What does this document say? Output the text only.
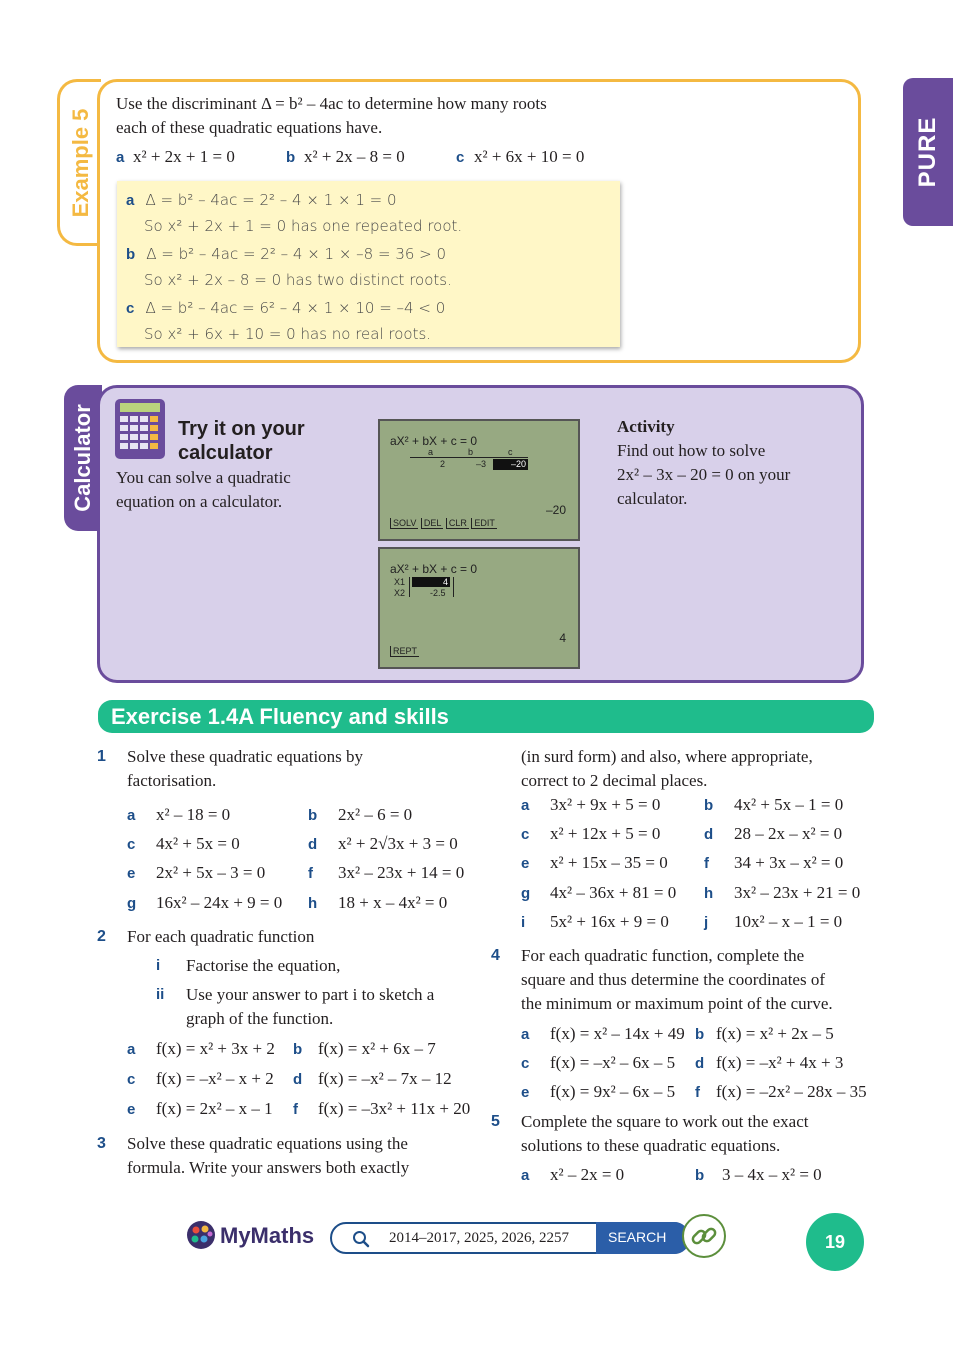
PURE
Example 5
Use the discriminant Δ = b² – 4ac to determine how many roots
each of these quadratic equations have.
a x² + 2x + 1 = 0	b x² + 2x – 8 = 0	c x² + 6x + 10 = 0
a Δ = b² – 4ac = 2² – 4 × 1 × 1 = 0
So x² + 2x + 1 = 0 has one repeated root.
b Δ = b² – 4ac = 2² – 4 × 1 × –8 = 36 > 0
So x² + 2x – 8 = 0 has two distinct roots.
c Δ = b² – 4ac = 6² – 4 × 1 × 10 = –4 < 0
So x² + 6x + 10 = 0 has no real roots.
Calculator	Try it on your
calculator
You can solve a quadratic
equation on a calculator.
aX² + bX + c = 0
a	b	c
2	–3	–20
–20
SOLV DEL CLR EDIT
aX² + bX + c = 0
X1
X2
4
-2.5
4
REPT
Activity
Find out how to solve
2x² – 3x – 20 = 0 on your
calculator.
Exercise 1.4A Fluency and skills
1 Solve these quadratic equations by
factorisation.
a x² – 18 = 0	b 2x² – 6 = 0
c 4x² + 5x = 0	d x² + 2√3x + 3 = 0
e 2x² + 5x – 3 = 0	f 3x² – 23x + 14 = 0
g 16x² – 24x + 9 = 0 h 18 + x – 4x² = 0
2 For each quadratic function
i Factorise the equation,
ii Use your answer to part i to sketch a
graph of the function.
a f(x) = x² + 3x + 2 b f(x) = x² + 6x – 7
c f(x) = –x² – x + 2 d f(x) = –x² – 7x – 12
e f(x) = 2x² – x – 1 f f(x) = –3x² + 11x + 20
3 Solve these quadratic equations using the
formula. Write your answers both exactly
(in surd form) and also, where appropriate,
correct to 2 decimal places.
a 3x² + 9x + 5 = 0	b 4x² + 5x – 1 = 0
c x² + 12x + 5 = 0	d 28 – 2x – x² = 0
e x² + 15x – 35 = 0 f 34 + 3x – x² = 0
g 4x² – 36x + 81 = 0 h 3x² – 23x + 21 = 0
i 5x² + 16x + 9 = 0 j 10x² – x – 1 = 0
4 For each quadratic function, complete the
square and thus determine the coordinates of
the minimum or maximum point of the curve.
a f(x) = x² – 14x + 49 b f(x) = x² + 2x – 5
c f(x) = –x² – 6x – 5 d f(x) = –x² + 4x + 3
e f(x) = 9x² – 6x – 5 f f(x) = –2x² – 28x – 35
5 Complete the square to work out the exact
solutions to these quadratic equations.
a x² – 2x = 0	b 3 – 4x – x² = 0
MyMaths	2014–2017, 2025, 2026, 2257	SEARCH	19
